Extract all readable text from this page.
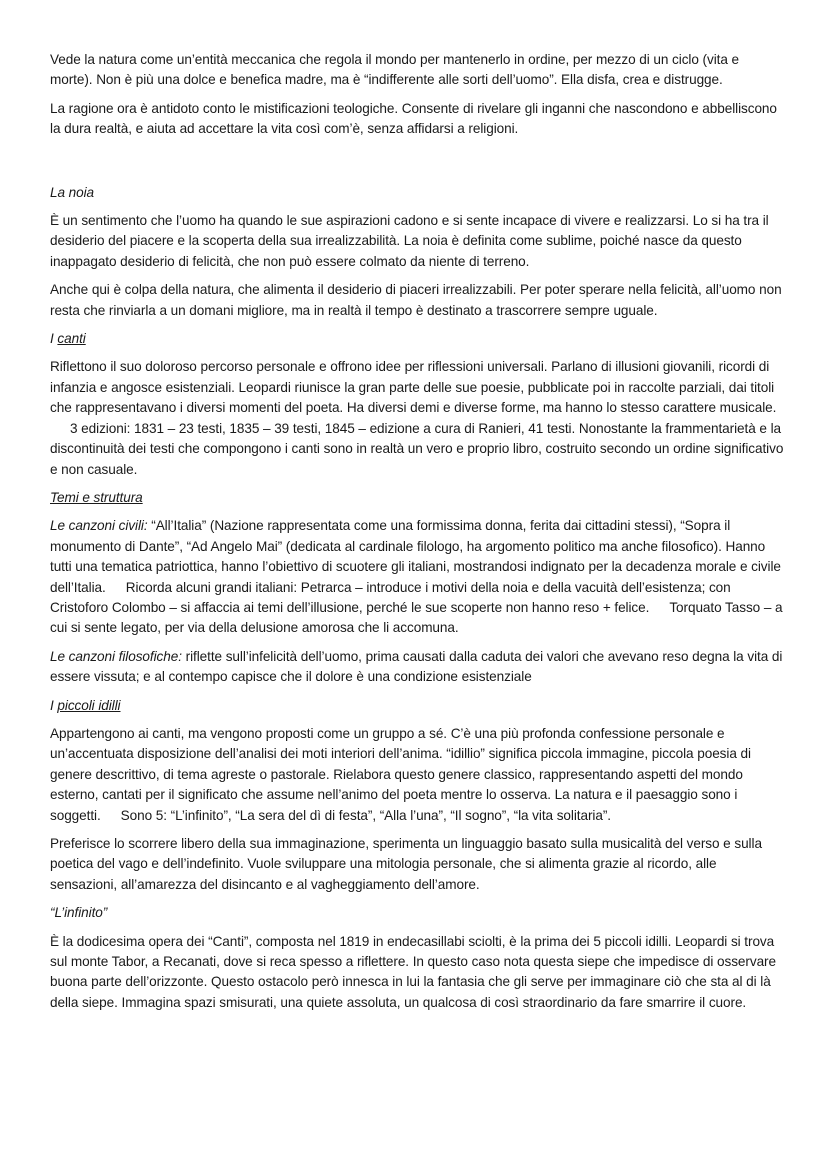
Vede la natura come un’entità meccanica che regola il mondo per mantenerlo in ordine, per mezzo di un ciclo (vita e morte). Non è più una dolce e benefica madre, ma è “indifferente alle sorti dell’uomo”. Ella disfa, crea e distrugge.

La ragione ora è antidoto conto le mistificazioni teologiche. Consente di rivelare gli inganni che nascondono e abbelliscono la dura realtà, e aiuta ad accettare la vita così com’è, senza affidarsi a religioni.

La noia

È un sentimento che l’uomo ha quando le sue aspirazioni cadono e si sente incapace di vivere e realizzarsi. Lo si ha tra il desiderio del piacere e la scoperta della sua irrealizzabilità. La noia è definita come sublime, poiché nasce da questo inappagato desiderio di felicità, che non può essere colmato da niente di terreno.

Anche qui è colpa della natura, che alimenta il desiderio di piaceri irrealizzabili. Per poter sperare nella felicità, all’uomo non resta che rinviarla a un domani migliore, ma in realtà il tempo è destinato a trascorrere sempre uguale.

I canti

Riflettono il suo doloroso percorso personale e offrono idee per riflessioni universali. Parlano di illusioni giovanili, ricordi di infanzia e angosce esistenziali. Leopardi riunisce la gran parte delle sue poesie, pubblicate poi in raccolte parziali, dai titoli che rappresentavano i diversi momenti del poeta. Ha diversi demi e diverse forme, ma hanno lo stesso carattere musicale.3 edizioni: 1831 – 23 testi, 1835 – 39 testi, 1845 – edizione a cura di Ranieri, 41 testi. Nonostante la frammentarietà e la discontinuità dei testi che compongono i canti sono in realtà un vero e proprio libro, costruito secondo un ordine significativo e non casuale.

Temi e struttura

Le canzoni civili: “All’Italia” (Nazione rappresentata come una formissima donna, ferita dai cittadini stessi), “Sopra il monumento di Dante”, “Ad Angelo Mai” (dedicata al cardinale filologo, ha argomento politico ma anche filosofico). Hanno tutti una tematica patriottica, hanno l’obiettivo di scuotere gli italiani, mostrandosi indignato per la decadenza morale e civile dell’Italia. Ricorda alcuni grandi italiani: Petrarca – introduce i motivi della noia e della vacuità dell’esistenza; con Cristoforo Colombo – si affaccia ai temi dell’illusione, perché le sue scoperte non hanno reso + felice. Torquato Tasso – a cui si sente legato, per via della delusione amorosa che li accomuna.

Le canzoni filosofiche: riflette sull’infelicità dell’uomo, prima causati dalla caduta dei valori che avevano reso degna la vita di essere vissuta; e al contempo capisce che il dolore è una condizione esistenziale

I piccoli idilli

Appartengono ai canti, ma vengono proposti come un gruppo a sé. C’è una più profonda confessione personale e un’accentuata disposizione dell’analisi dei moti interiori dell’anima. “idillio” significa piccola immagine, piccola poesia di genere descrittivo, di tema agreste o pastorale. Rielabora questo genere classico, rappresentando aspetti del mondo esterno, cantati per il significato che assume nell’animo del poeta mentre lo osserva. La natura e il paesaggio sono i soggetti. Sono 5: “L’infinito”, “La sera del dì di festa”, “Alla l’una”, “Il sogno”, “la vita solitaria”.

Preferisce lo scorrere libero della sua immaginazione, sperimenta un linguaggio basato sulla musicalità del verso e sulla poetica del vago e dell’indefinito. Vuole sviluppare una mitologia personale, che si alimenta grazie al ricordo, alle sensazioni, all’amarezza del disincanto e al vagheggiamento dell’amore.

“L’infinito”

È la dodicesima opera dei “Canti”, composta nel 1819 in endecasillabi sciolti, è la prima dei 5 piccoli idilli. Leopardi si trova sul monte Tabor, a Recanati, dove si reca spesso a riflettere. In questo caso nota questa siepe che impedisce di osservare buona parte dell’orizzonte. Questo ostacolo però innesca in lui la fantasia che gli serve per immaginare ciò che sta al di là della siepe. Immagina spazi smisurati, una quiete assoluta, un qualcosa di così straordinario da fare smarrire il cuore.
